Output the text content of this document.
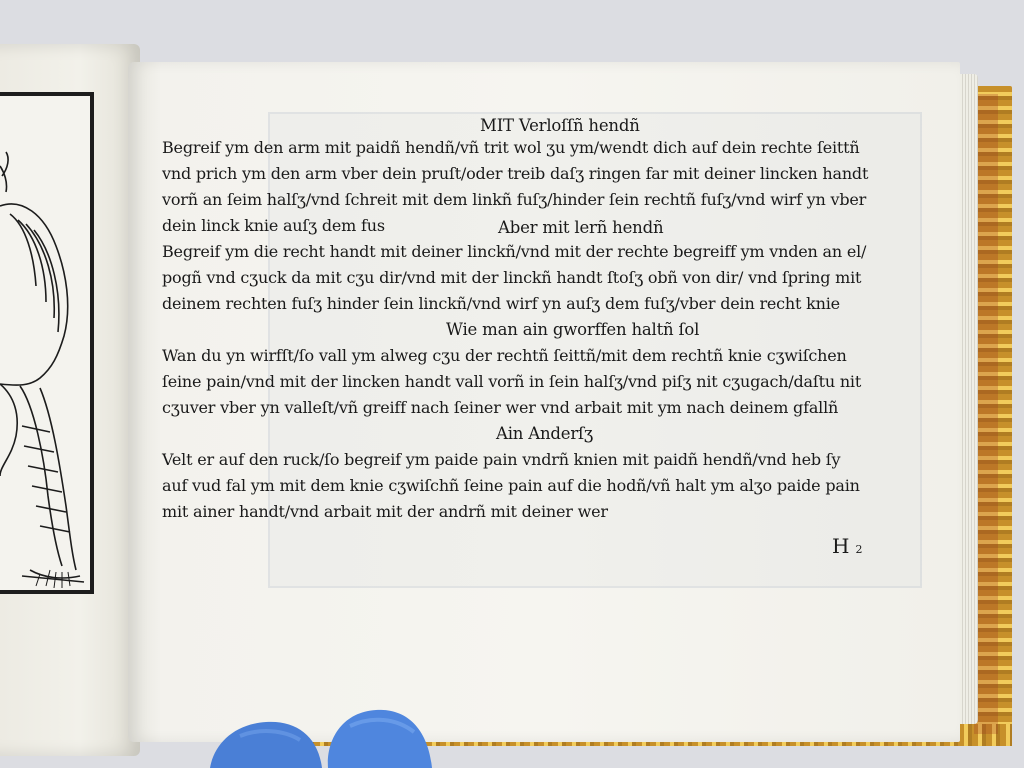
MIT Verloſſñ hendñ
Begreif ym den arm mit paidñ hendñ/vñ trit wol ʒu ym/wendt dich auf dein rechte ſeittñ
vnd prich ym den arm vber dein pruſt/oder treib daſʒ ringen far mit deiner lincken handt
vorñ an ſeim halſʒ/vnd ſchreit mit dem linkñ fuſʒ/hinder ſein rechtñ fuſʒ/vnd wirf yn vber
dein linck knie auſʒ dem fus	Aber mit lerñ hendñ
Begreif ym die recht handt mit deiner linckñ/vnd mit der rechte begreiff ym vnden an el/
pogñ vnd cʒuck da mit cʒu dir/vnd mit der linckñ handt ſtoſʒ obñ von dir/ vnd ſpring mit
deinem rechten fuſʒ hinder ſein linckñ/vnd wirf yn auſʒ dem fuſʒ/vber dein recht knie
Wie man ain gworffen haltñ ſol
Wan du yn wirfſt/ſo vall ym alweg cʒu der rechtñ ſeittñ/mit dem rechtñ knie cʒwiſchen
ſeine pain/vnd mit der lincken handt vall vorñ in ſein halſʒ/vnd piſʒ nit cʒugach/daſtu nit
cʒuver vber yn valleſt/vñ greiff nach ſeiner wer vnd arbait mit ym nach deinem gfallñ
Ain Anderſʒ
Velt er auf den ruck/ſo begreif ym paide pain vndrñ knien mit paidñ hendñ/vnd heb ſy
auf vud fal ym mit dem knie cʒwiſchñ ſeine pain auf die hodñ/vñ halt ym alʒo paide pain
mit ainer handt/vnd arbait mit der andrñ mit deiner wer
H 2
